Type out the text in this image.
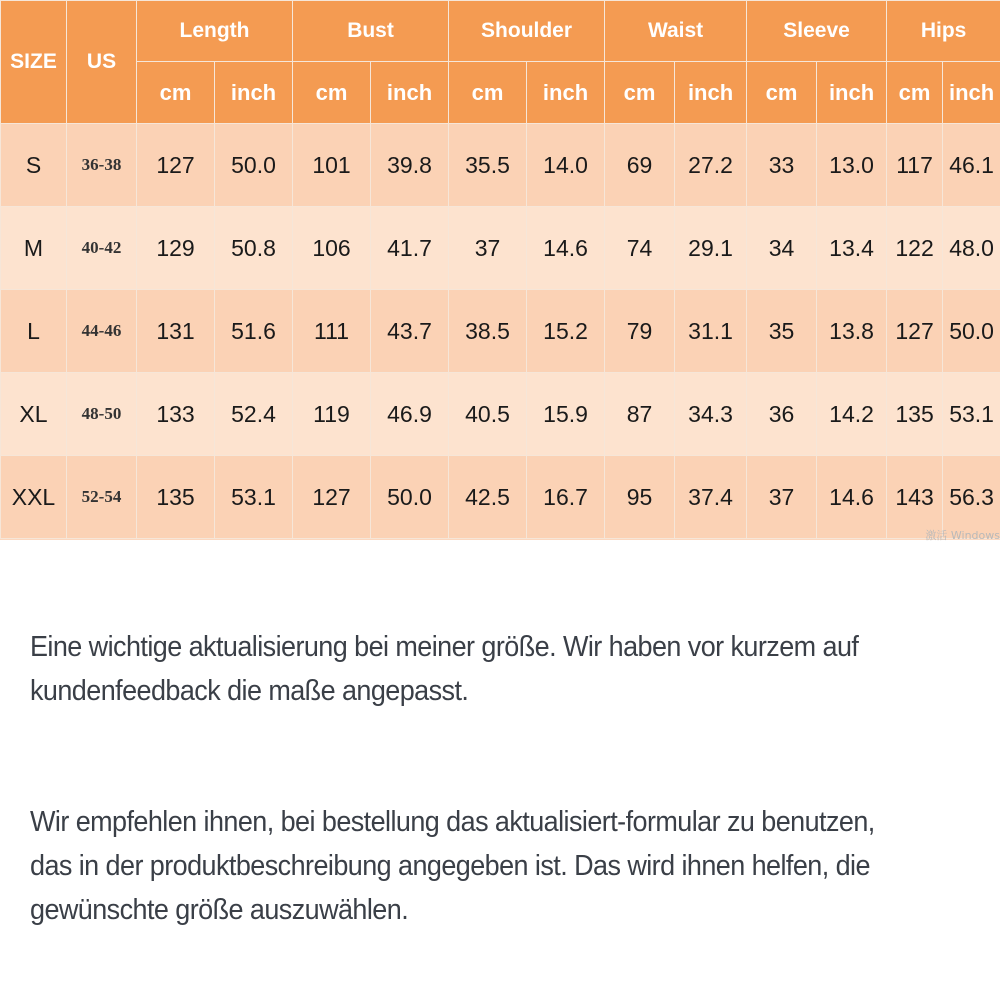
SIZE	US	Length		Bust		Shoulder		Waist		Sleeve		Hips	
		cm	inch	cm	inch	cm	inch	cm	inch	cm	inch	cm	inch
S	36-38	127	50.0	101	39.8	35.5	14.0	69	27.2	33	13.0	117	46.1
M	40-42	129	50.8	106	41.7	37	14.6	74	29.1	34	13.4	122	48.0
L	44-46	131	51.6	111	43.7	38.5	15.2	79	31.1	35	13.8	127	50.0
XL	48-50	133	52.4	119	46.9	40.5	15.9	87	34.3	36	14.2	135	53.1
XXL	52-54	135	53.1	127	50.0	42.5	16.7	95	37.4	37	14.6	143	56.3
激活 Windows
Eine wichtige aktualisierung bei meiner größe. Wir haben vor kurzem auf kundenfeedback die maße angepasst.
Wir empfehlen ihnen, bei bestellung das aktualisiert-formular zu benutzen, das in der produktbeschreibung angegeben ist. Das wird ihnen helfen, die gewünschte größe auszuwählen.
